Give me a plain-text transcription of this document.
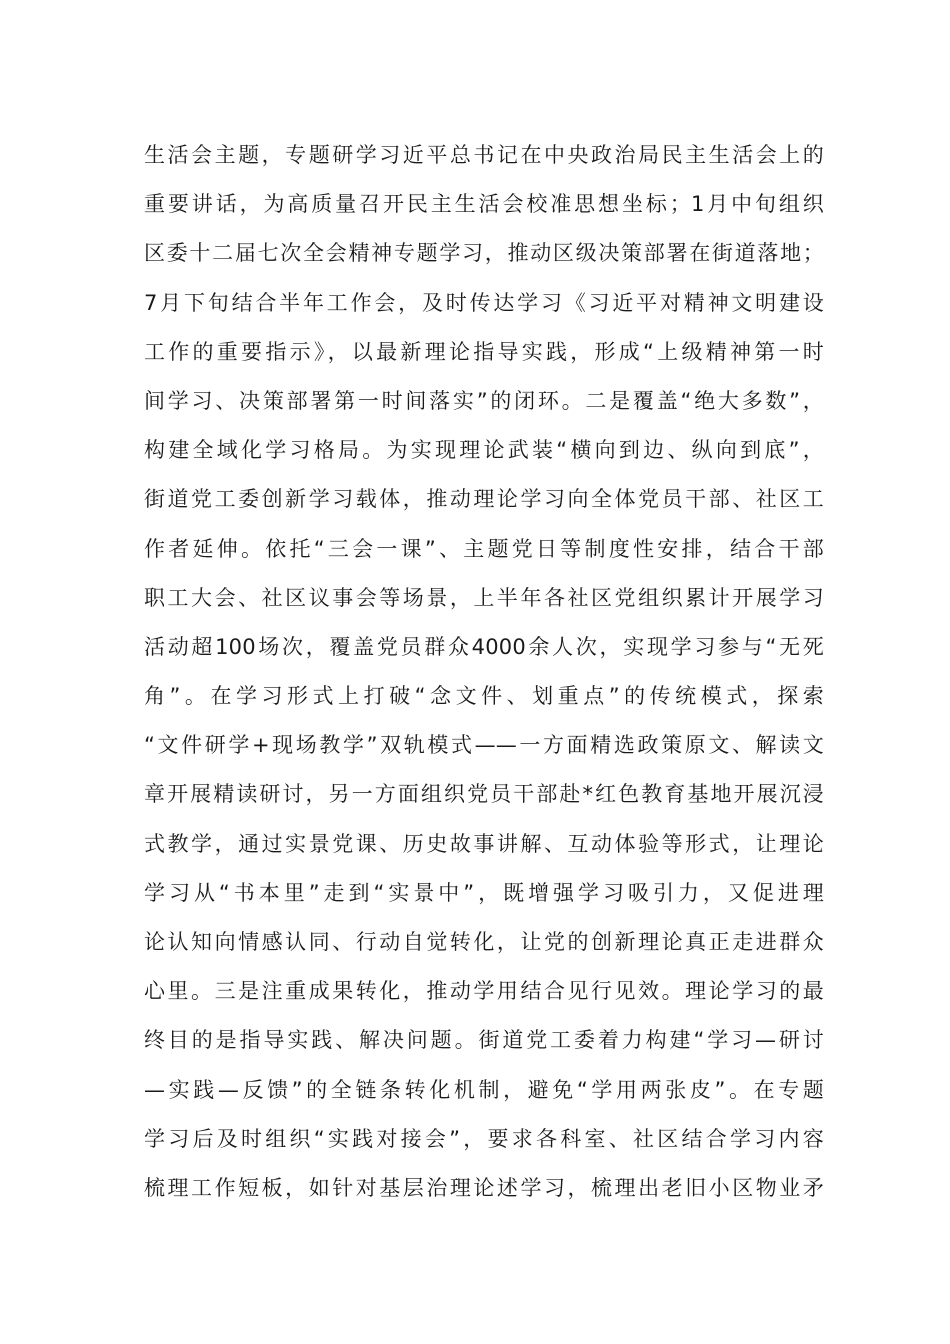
生活会主题，专题研学习近平总书记在中央政治局民主生活会上的
重要讲话，为高质量召开民主生活会校准思想坐标；1月中旬组织
区委十二届七次全会精神专题学习，推动区级决策部署在街道落地；
7月下旬结合半年工作会，及时传达学习《习近平对精神文明建设
工作的重要指示》，以最新理论指导实践，形成“上级精神第一时
间学习、决策部署第一时间落实”的闭环。二是覆盖“绝大多数”，
构建全域化学习格局。为实现理论武装“横向到边、纵向到底”，
街道党工委创新学习载体，推动理论学习向全体党员干部、社区工
作者延伸。依托“三会一课”、主题党日等制度性安排，结合干部
职工大会、社区议事会等场景，上半年各社区党组织累计开展学习
活动超100场次，覆盖党员群众4000余人次，实现学习参与“无死
角”。在学习形式上打破“念文件、划重点”的传统模式，探索
“文件研学+现场教学”双轨模式——一方面精选政策原文、解读文
章开展精读研讨，另一方面组织党员干部赴*红色教育基地开展沉浸
式教学，通过实景党课、历史故事讲解、互动体验等形式，让理论
学习从“书本里”走到“实景中”，既增强学习吸引力，又促进理
论认知向情感认同、行动自觉转化，让党的创新理论真正走进群众
心里。三是注重成果转化，推动学用结合见行见效。理论学习的最
终目的是指导实践、解决问题。街道党工委着力构建“学习—研讨
—实践—反馈”的全链条转化机制，避免“学用两张皮”。在专题
学习后及时组织“实践对接会”，要求各科室、社区结合学习内容
梳理工作短板，如针对基层治理论述学习，梳理出老旧小区物业矛
